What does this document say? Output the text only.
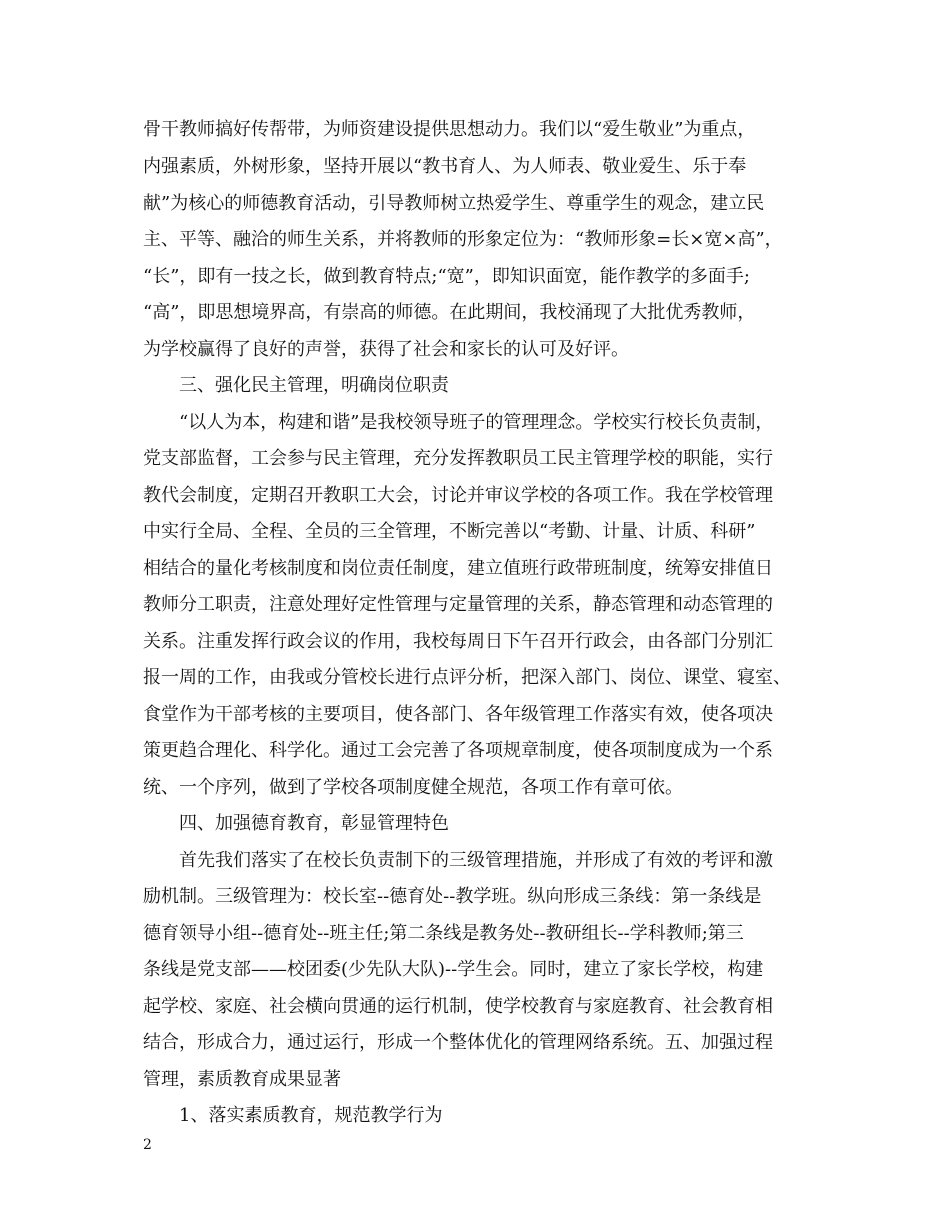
骨干教师搞好传帮带，为师资建设提供思想动力。我们以“爱生敬业”为重点，
内强素质，外树形象，坚持开展以“教书育人、为人师表、敬业爱生、乐于奉
献”为核心的师德教育活动，引导教师树立热爱学生、尊重学生的观念，建立民
主、平等、融洽的师生关系，并将教师的形象定位为：“教师形象=长×宽×高”，
“长”，即有一技之长，做到教育特点;“宽”，即知识面宽，能作教学的多面手;
“高”，即思想境界高，有崇高的师德。在此期间，我校涌现了大批优秀教师，
为学校赢得了良好的声誉，获得了社会和家长的认可及好评。
三、强化民主管理，明确岗位职责
“以人为本，构建和谐”是我校领导班子的管理理念。学校实行校长负责制，
党支部监督，工会参与民主管理，充分发挥教职员工民主管理学校的职能，实行
教代会制度，定期召开教职工大会，讨论并审议学校的各项工作。我在学校管理
中实行全局、全程、全员的三全管理，不断完善以“考勤、计量、计质、科研”
相结合的量化考核制度和岗位责任制度，建立值班行政带班制度，统筹安排值日
教师分工职责，注意处理好定性管理与定量管理的关系，静态管理和动态管理的
关系。注重发挥行政会议的作用，我校每周日下午召开行政会，由各部门分别汇
报一周的工作，由我或分管校长进行点评分析，把深入部门、岗位、课堂、寝室、
食堂作为干部考核的主要项目，使各部门、各年级管理工作落实有效，使各项决
策更趋合理化、科学化。通过工会完善了各项规章制度，使各项制度成为一个系
统、一个序列，做到了学校各项制度健全规范，各项工作有章可依。
四、加强德育教育，彰显管理特色
首先我们落实了在校长负责制下的三级管理措施，并形成了有效的考评和激
励机制。三级管理为：校长室--德育处--教学班。纵向形成三条线：第一条线是
德育领导小组--德育处--班主任;第二条线是教务处--教研组长--学科教师;第三
条线是党支部——校团委(少先队大队)--学生会。同时，建立了家长学校，构建
起学校、家庭、社会横向贯通的运行机制，使学校教育与家庭教育、社会教育相
结合，形成合力，通过运行，形成一个整体优化的管理网络系统。五、加强过程
管理，素质教育成果显著
1、落实素质教育，规范教学行为
2
